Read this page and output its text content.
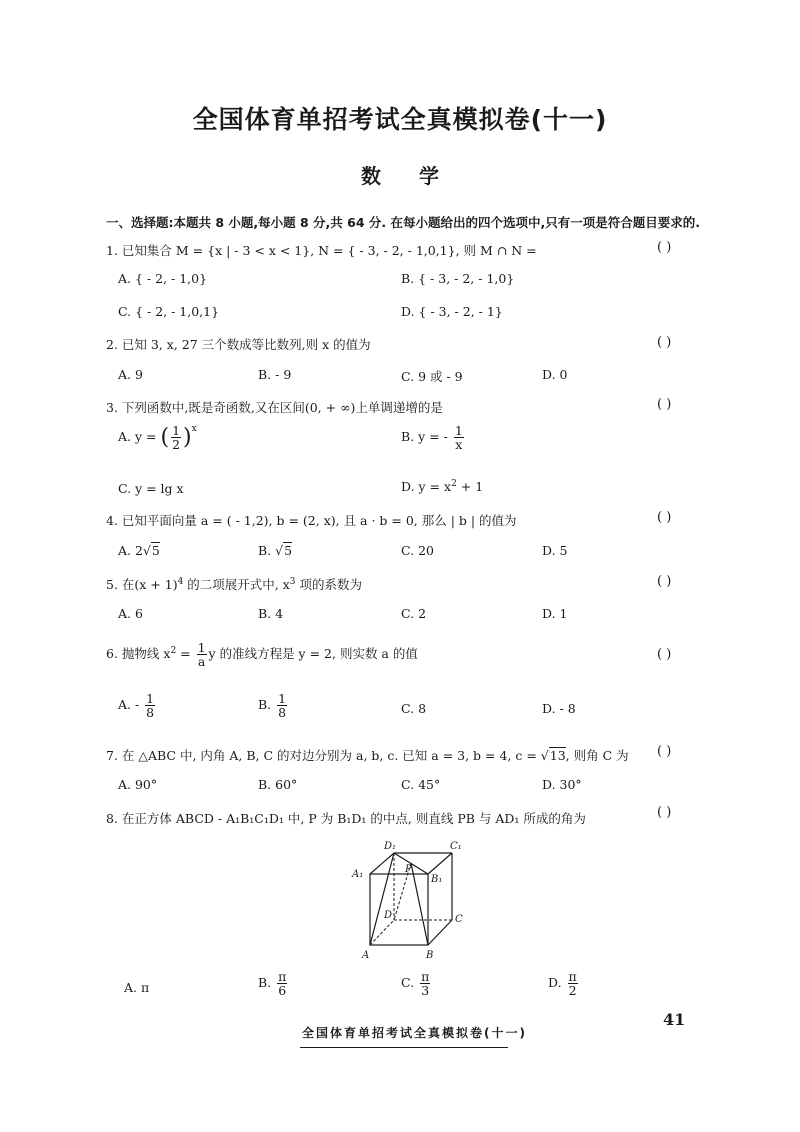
全国体育单招考试全真模拟卷(十一)
数学
一、选择题:本题共 8 小题,每小题 8 分,共 64 分. 在每小题给出的四个选项中,只有一项是符合题目要求的.
1. 已知集合 M = {x | - 3 < x < 1}, N = { - 3, - 2, - 1,0,1}, 则 M ∩ N =	( )
A. { - 2, - 1,0}	B. { - 3, - 2, - 1,0}
C. { - 2, - 1,0,1}	D. { - 3, - 2, - 1}
2. 已知 3, x, 27 三个数成等比数列,则 x 的值为	( )
A. 9	B. - 9	C. 9 或 - 9	D. 0
3. 下列函数中,既是奇函数,又在区间(0, + ∞)上单调递增的是	( )
A. y = ( $\frac{1}{2} )^x$
B. y = - $\frac{1}{x}$
C. y = lg x	D. $y = x^2 + 1$
4. 已知平面向量 a = ( - 1,2), b = (2, x), 且 a · b = 0, 那么 | b | 的值为	( )
A. 2√5	B. √5	C. 20	D. 5
5. 在$(x + 1)^4$ 的二项展开式中, $x^3$ 项的系数为	( )
A. 6	B. 4	C. 2	D. 1
6. 抛物线 $x^2 = \frac{1}{a}$ y 的准线方程是 y = 2, 则实数 a 的值	( )
A. - $\frac{1}{8}$	B. $\frac{1}{8}$	C. 8	D. - 8
7. 在 △ABC 中, 内角 A, B, C 的对边分别为 a, b, c. 已知 a = 3, b = 4, c = √13, 则角 C 为 ( )
A. 90°	B. 60°	C. 45°	D. 30°
8. 在正方体 ABCD - A₁B₁C₁D₁ 中, P 为 B₁D₁ 的中点, 则直线 PB 与 AD₁ 所成的角为	( )
D₁	C₁
A₁	B₁
P
D	C
A	B
A. π	B. $\frac{\pi}{6}$	C. $\frac{\pi}{3}$	D. $\frac{\pi}{2}$
41
全国体育单招考试全真模拟卷(十一)
